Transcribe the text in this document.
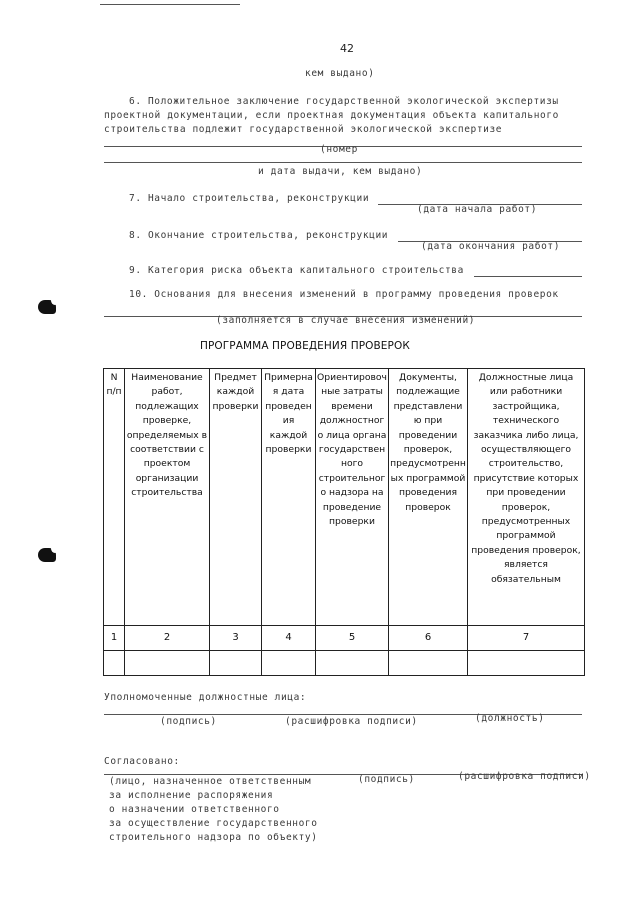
42
кем выдано)
6. Положительное заключение государственной экологической экспертизы
проектной документации, если проектная документация объекта капитального
строительства подлежит государственной экологической экспертизе
(номер
и дата выдачи, кем выдано)
7. Начало строительства, реконструкции
(дата начала работ)
8. Окончание строительства, реконструкции
(дата окончания работ)
9. Категория риска объекта капитального строительства
10. Основания для внесения изменений в программу проведения проверок
(заполняется в случае внесения изменений)
ПРОГРАММА ПРОВЕДЕНИЯ ПРОВЕРОК
N п/п	Наименование работ, подлежащих проверке, определяемых в соответствии с проектом организации строительства	Предмет каждой проверки	Примерная дата проведения каждой проверки	Ориентировочные затраты времени должностного лица органа государственного строительного надзора на проведение проверки	Документы, подлежащие представлению при проведении проверок, предусмотренных программой проведения проверок	Должностные лица или работники застройщика, технического заказчика либо лица, осуществляющего строительство, присутствие которых при проведении проверок, предусмотренных программой проведения проверок, является обязательным
1	2	3	4	5	6	7

Уполномоченные должностные лица:
(подпись)	(расшифровка подписи)	(должность)
Согласовано:
(лицо, назначенное ответственным
за исполнение распоряжения
о назначении ответственного
за осуществление государственного
строительного надзора по объекту)
(подпись)	(расшифровка подписи)
